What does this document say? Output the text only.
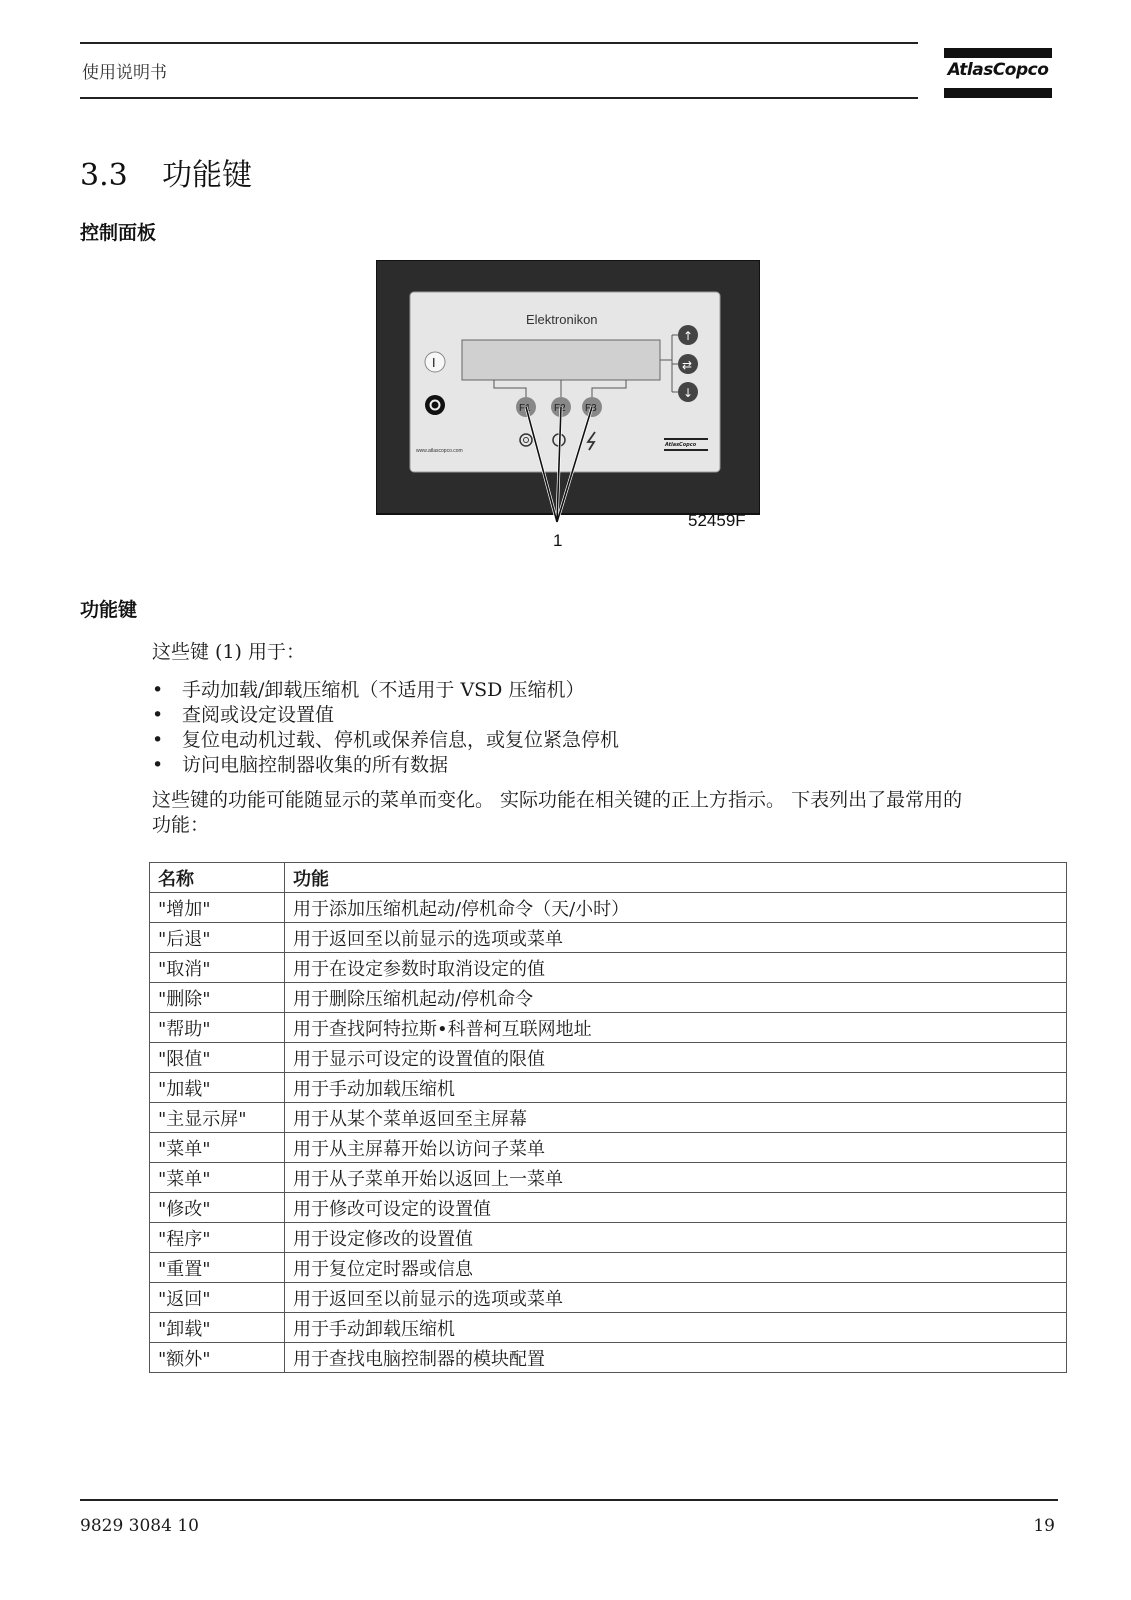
使用说明书	AtlasCopco
3.3 功能键
控制面板
Elektronikon
I
↑
⇄
↓
F1 F2 F3
www.atlascopco.com
AtlasCopco
52459F
1
功能键
这些键 (1) 用于：
• 手动加载/卸载压缩机（不适用于 VSD 压缩机）
• 查阅或设定设置值
• 复位电动机过载、停机或保养信息，或复位紧急停机
• 访问电脑控制器收集的所有数据
这些键的功能可能随显示的菜单而变化。 实际功能在相关键的正上方指示。 下表列出了最常用的
功能：
名称	功能
"增加"	用于添加压缩机起动/停机命令（天/小时）
"后退"	用于返回至以前显示的选项或菜单
"取消"	用于在设定参数时取消设定的值
"删除"	用于删除压缩机起动/停机命令
"帮助"	用于查找阿特拉斯•科普柯互联网地址
"限值"	用于显示可设定的设置值的限值
"加载"	用于手动加载压缩机
"主显示屏"	用于从某个菜单返回至主屏幕
"菜单"	用于从主屏幕开始以访问子菜单
"菜单"	用于从子菜单开始以返回上一菜单
"修改"	用于修改可设定的设置值
"程序"	用于设定修改的设置值
"重置"	用于复位定时器或信息
"返回"	用于返回至以前显示的选项或菜单
"卸载"	用于手动卸载压缩机
"额外"	用于查找电脑控制器的模块配置
9829 3084 10	19
